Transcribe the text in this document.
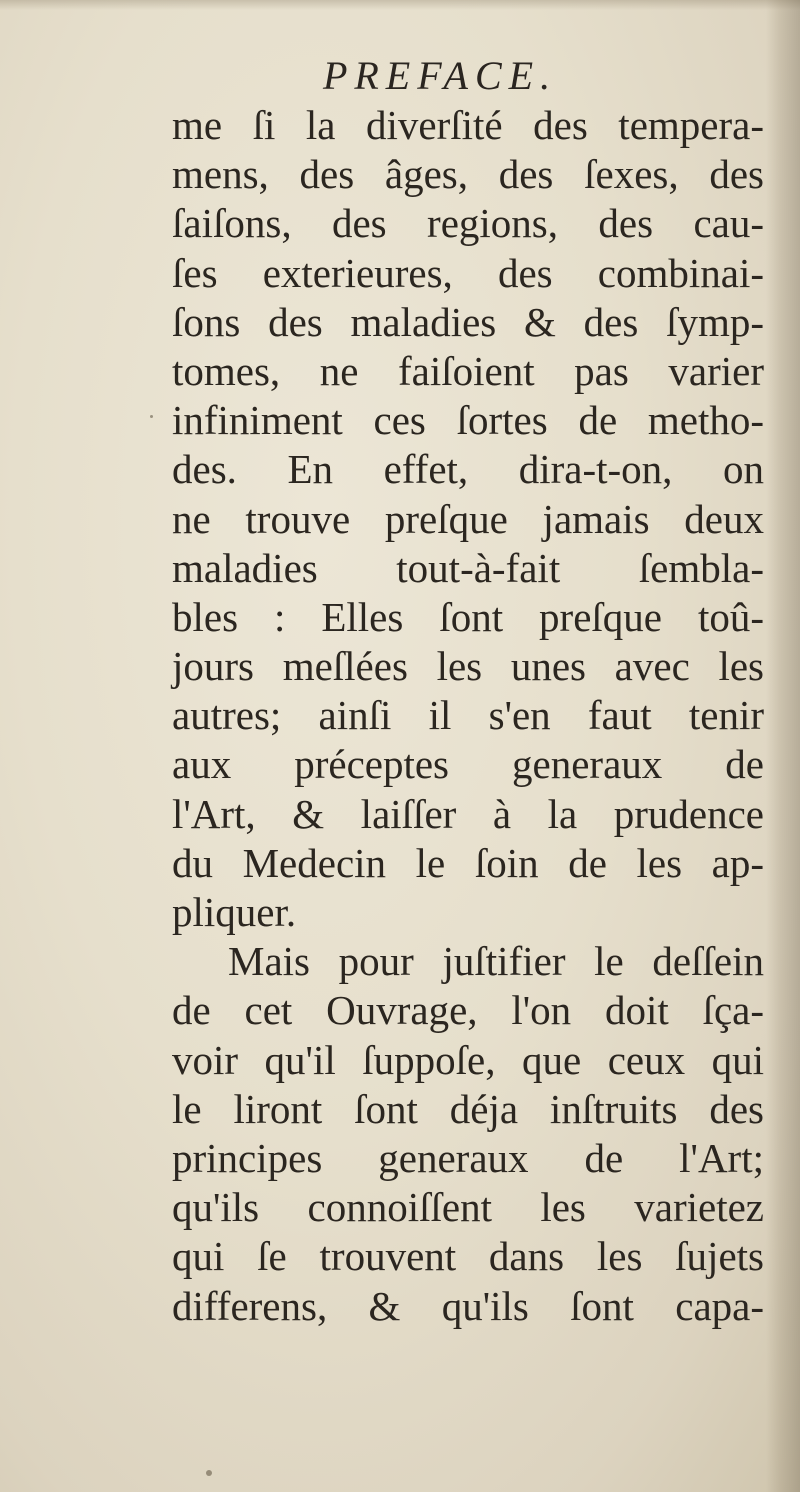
PREFACE.
me ſi la diverſité des tempera-
mens, des âges, des ſexes, des
ſaiſons, des regions, des cau-
ſes exterieures, des combinai-
ſons des maladies & des ſymp-
tomes, ne faiſoient pas varier
infiniment ces ſortes de metho-
des. En effet, dira-t-on, on
ne trouve preſque jamais deux
maladies tout-à-fait ſembla-
bles : Elles ſont preſque toû-
jours meſlées les unes avec les
autres; ainſi il s'en faut tenir
aux préceptes generaux de
l'Art, & laiſſer à la prudence
du Medecin le ſoin de les ap-
pliquer.
Mais pour juſtifier le deſſein
de cet Ouvrage, l'on doit ſça-
voir qu'il ſuppoſe, que ceux qui
le liront ſont déja inſtruits des
principes generaux de l'Art;
qu'ils connoiſſent les varietez
qui ſe trouvent dans les ſujets
differens, & qu'ils ſont capa-
